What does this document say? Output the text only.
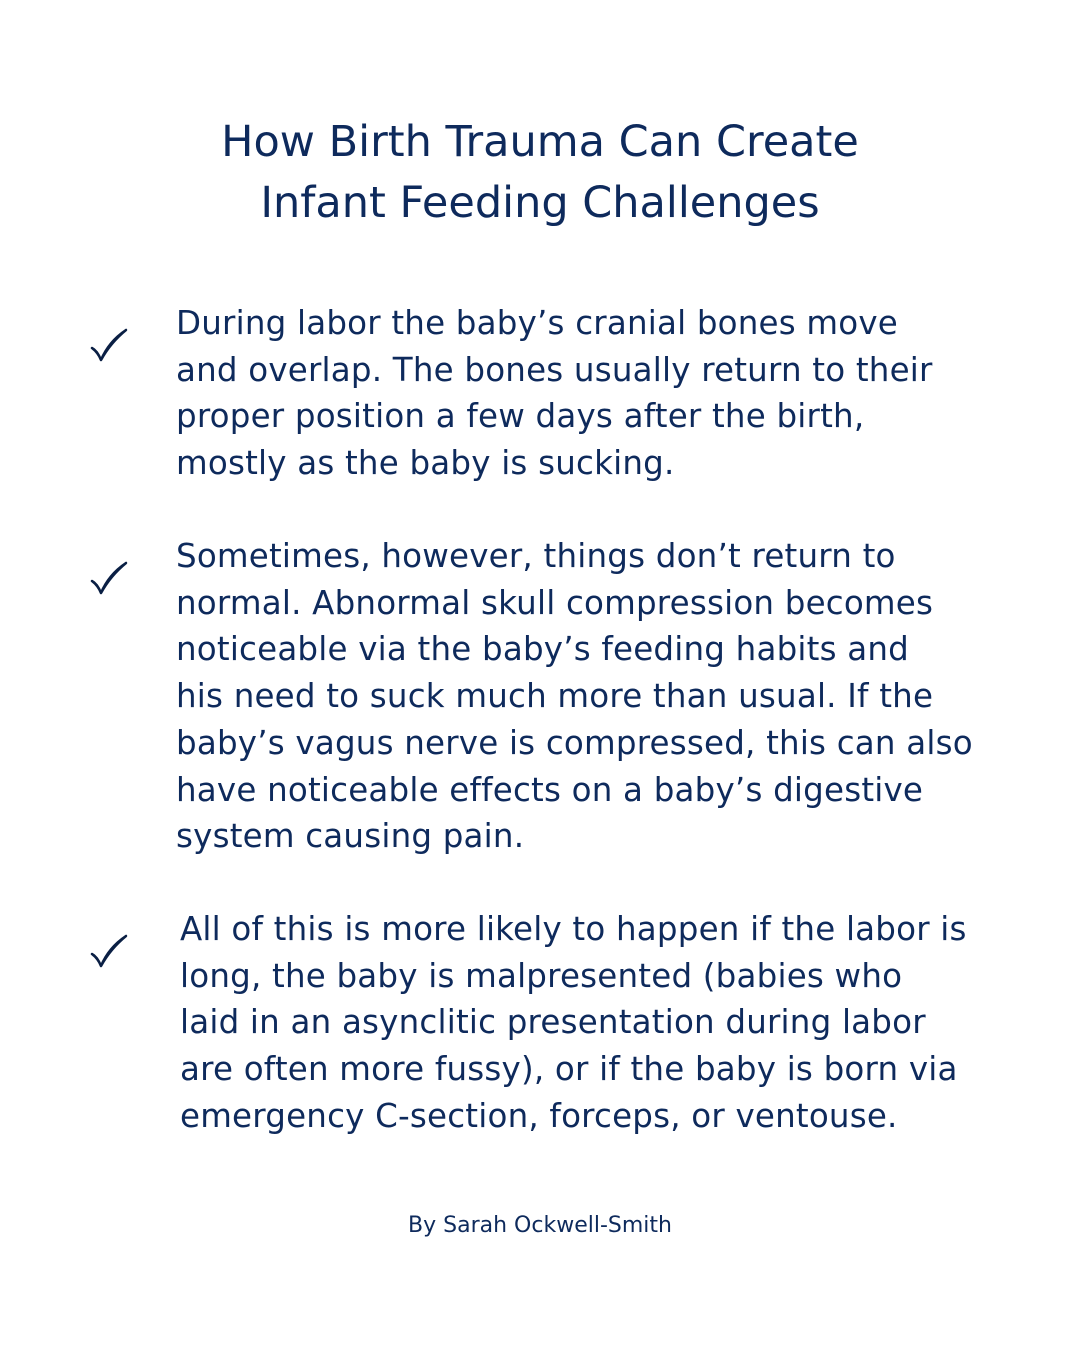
How Birth Trauma Can Create
Infant Feeding Challenges
During labor the baby’s cranial bones move
and overlap. The bones usually return to their
proper position a few days after the birth,
mostly as the baby is sucking.
Sometimes, however, things don’t return to
normal. Abnormal skull compression becomes
noticeable via the baby’s feeding habits and
his need to suck much more than usual. If the
baby’s vagus nerve is compressed, this can also
have noticeable effects on a baby’s digestive
system causing pain.
All of this is more likely to happen if the labor is
long, the baby is malpresented (babies who
laid in an asynclitic presentation during labor
are often more fussy), or if the baby is born via
emergency C-section, forceps, or ventouse.
By Sarah Ockwell-Smith
